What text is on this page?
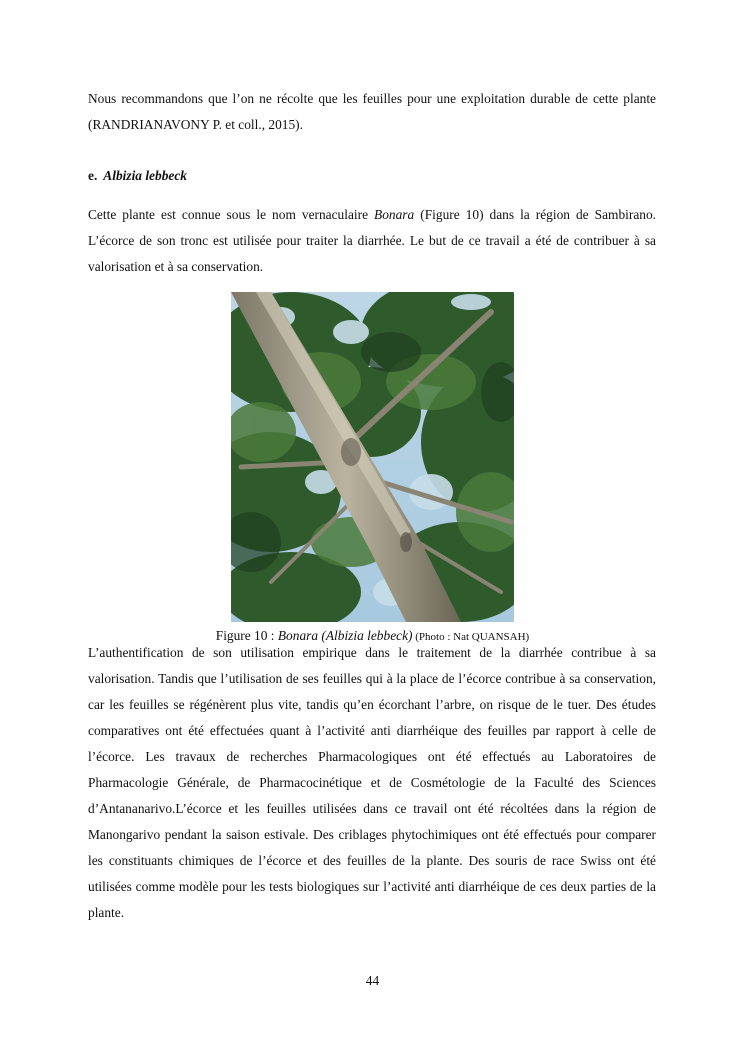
Nous recommandons que l’on ne récolte que les feuilles pour une exploitation durable de cette plante (RANDRIANAVONY P. et coll., 2015).

e. Albizia lebbeck

Cette plante est connue sous le nom vernaculaire Bonara (Figure 10) dans la région de Sambirano. L’écorce de son tronc est utilisée pour traiter la diarrhée. Le but de ce travail a été de contribuer à sa valorisation et à sa conservation.

Figure 10 : Bonara (Albizia lebbeck) (Photo : Nat QUANSAH)

L’authentification de son utilisation empirique dans le traitement de la diarrhée contribue à sa valorisation. Tandis que l’utilisation de ses feuilles qui à la place de l’écorce contribue à sa conservation, car les feuilles se régénèrent plus vite, tandis qu’en écorchant l’arbre, on risque de le tuer. Des études comparatives ont été effectuées quant à l’activité anti diarrhéique des feuilles par rapport à celle de l’écorce. Les travaux de recherches Pharmacologiques ont été effectués au Laboratoires de Pharmacologie Générale, de Pharmacocinétique et de Cosmétologie de la Faculté des Sciences d’Antananarivo.L’écorce et les feuilles utilisées dans ce travail ont été récoltées dans la région de Manongarivo pendant la saison estivale. Des criblages phytochimiques ont été effectués pour comparer les constituants chimiques de l’écorce et des feuilles de la plante. Des souris de race Swiss ont été utilisées comme modèle pour les tests biologiques sur l’activité anti diarrhéique de ces deux parties de la plante.

44
